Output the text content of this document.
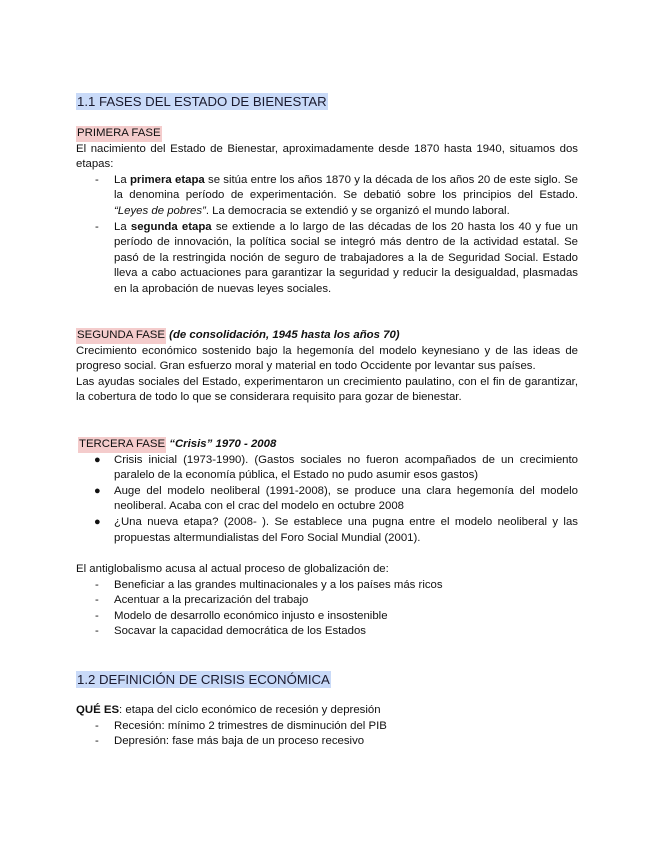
1.1 FASES DEL ESTADO DE BIENESTAR
PRIMERA FASE

El nacimiento del Estado de Bienestar, aproximadamente desde 1870 hasta 1940, situamos dos etapas:

- La primera etapa se sitúa entre los años 1870 y la década de los años 20 de este siglo. Se la denomina período de experimentación. Se debatió sobre los principios del Estado. “Leyes de pobres”. La democracia se extendió y se organizó el mundo laboral.
- La segunda etapa se extiende a lo largo de las décadas de los 20 hasta los 40 y fue un período de innovación, la política social se integró más dentro de la actividad estatal. Se pasó de la restringida noción de seguro de trabajadores a la de Seguridad Social. Estado lleva a cabo actuaciones para garantizar la seguridad y reducir la desigualdad, plasmadas en la aprobación de nuevas leyes sociales.
SEGUNDA FASE (de consolidación, 1945 hasta los años 70)

Crecimiento económico sostenido bajo la hegemonía del modelo keynesiano y de las ideas de progreso social. Gran esfuerzo moral y material en todo Occidente por levantar sus países.

Las ayudas sociales del Estado, experimentaron un crecimiento paulatino, con el fin de garantizar, la cobertura de todo lo que se considerara requisito para gozar de bienestar.

TERCERA FASE “Crisis” 1970 - 2008
● Crisis inicial (1973-1990). (Gastos sociales no fueron acompañados de un crecimiento paralelo de la economía pública, el Estado no pudo asumir esos gastos)
● Auge del modelo neoliberal (1991-2008), se produce una clara hegemonía del modelo neoliberal. Acaba con el crac del modelo en octubre 2008
● ¿Una nueva etapa? (2008- ). Se establece una pugna entre el modelo neoliberal y las propuestas altermundialistas del Foro Social Mundial (2001).

El antiglobalismo acusa al actual proceso de globalización de:

- Beneficiar a las grandes multinacionales y a los países más ricos
- Acentuar a la precarización del trabajo
- Modelo de desarrollo económico injusto e insostenible
- Socavar la capacidad democrática de los Estados
1.2 DEFINICIÓN DE CRISIS ECONÓMICA
QUÉ ES: etapa del ciclo económico de recesión y depresión
- Recesión: mínimo 2 trimestres de disminución del PIB
- Depresión: fase más baja de un proceso recesivo
